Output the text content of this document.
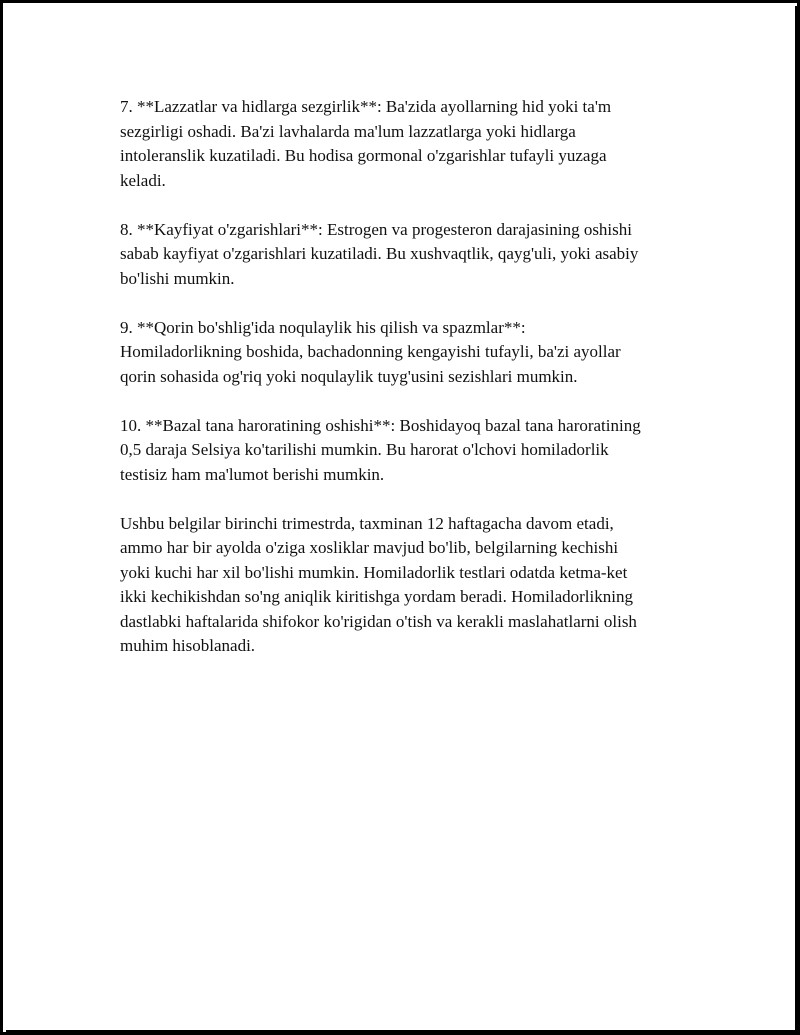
7. **Lazzatlar va hidlarga sezgirlik**: Ba'zida ayollarning hid yoki ta'm
sezgirligi oshadi. Ba'zi lavhalarda ma'lum lazzatlarga yoki hidlarga
intoleranslik kuzatiladi. Bu hodisa gormonal o'zgarishlar tufayli yuzaga
keladi.

8. **Kayfiyat o'zgarishlari**: Estrogen va progesteron darajasining oshishi
sabab kayfiyat o'zgarishlari kuzatiladi. Bu xushvaqtlik, qayg'uli, yoki asabiy
bo'lishi mumkin.

9. **Qorin bo'shlig'ida noqulaylik his qilish va spazmlar**:
Homiladorlikning boshida, bachadonning kengayishi tufayli, ba'zi ayollar
qorin sohasida og'riq yoki noqulaylik tuyg'usini sezishlari mumkin.

10. **Bazal tana haroratining oshishi**: Boshidayoq bazal tana haroratining
0,5 daraja Selsiya ko'tarilishi mumkin. Bu harorat o'lchovi homiladorlik
testisiz ham ma'lumot berishi mumkin.

Ushbu belgilar birinchi trimestrda, taxminan 12 haftagacha davom etadi,
ammo har bir ayolda o'ziga xosliklar mavjud bo'lib, belgilarning kechishi
yoki kuchi har xil bo'lishi mumkin. Homiladorlik testlari odatda ketma-ket
ikki kechikishdan so'ng aniqlik kiritishga yordam beradi. Homiladorlikning
dastlabki haftalarida shifokor ko'rigidan o'tish va kerakli maslahatlarni olish
muhim hisoblanadi.
